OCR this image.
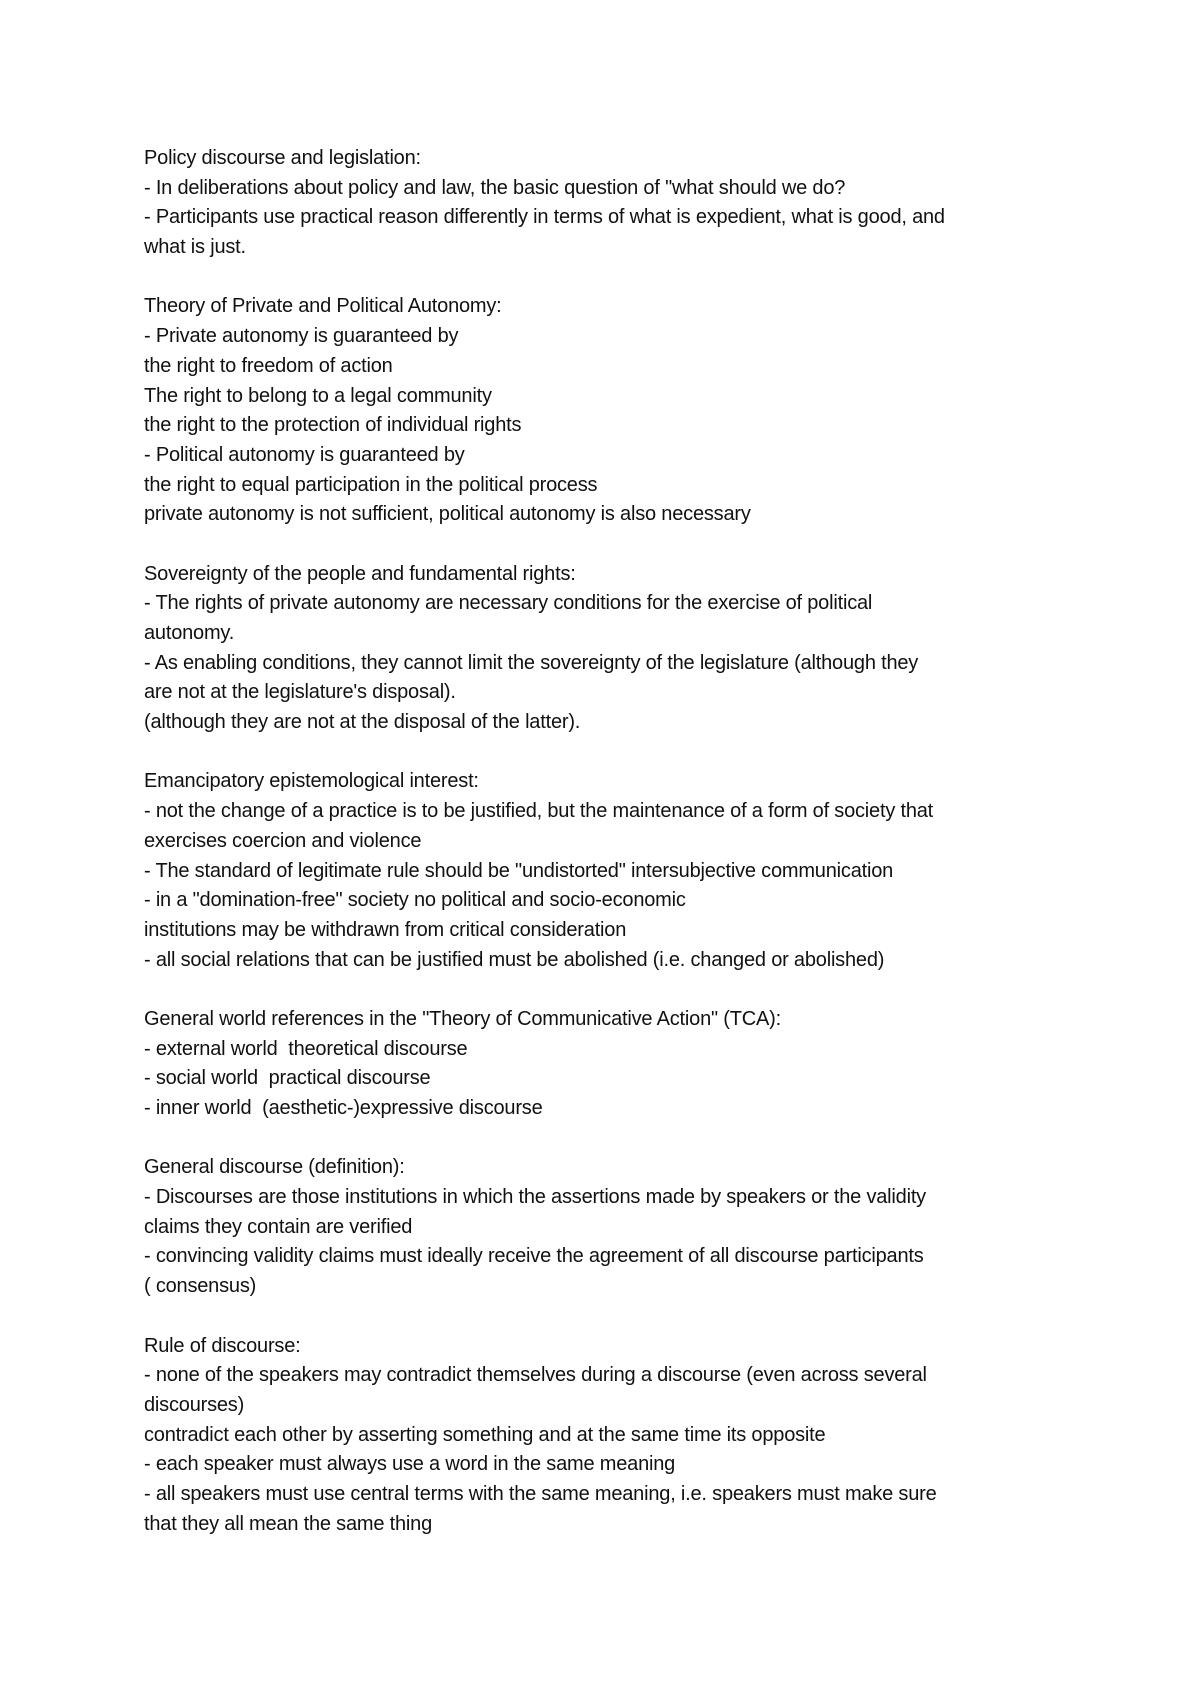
Policy discourse and legislation:
- In deliberations about policy and law, the basic question of "what should we do?
- Participants use practical reason differently in terms of what is expedient, what is good, and
what is just.
Theory of Private and Political Autonomy:
- Private autonomy is guaranteed by
the right to freedom of action
The right to belong to a legal community
the right to the protection of individual rights
- Political autonomy is guaranteed by
the right to equal participation in the political process
private autonomy is not sufficient, political autonomy is also necessary
Sovereignty of the people and fundamental rights:
- The rights of private autonomy are necessary conditions for the exercise of political
autonomy.
- As enabling conditions, they cannot limit the sovereignty of the legislature (although they
are not at the legislature's disposal).
(although they are not at the disposal of the latter).
Emancipatory epistemological interest:
- not the change of a practice is to be justified, but the maintenance of a form of society that
exercises coercion and violence
- The standard of legitimate rule should be "undistorted" intersubjective communication
- in a "domination-free" society no political and socio-economic
institutions may be withdrawn from critical consideration
- all social relations that can be justified must be abolished (i.e. changed or abolished)
General world references in the "Theory of Communicative Action" (TCA):
- external world  theoretical discourse
- social world  practical discourse
- inner world  (aesthetic-)expressive discourse
General discourse (definition):
- Discourses are those institutions in which the assertions made by speakers or the validity
claims they contain are verified
- convincing validity claims must ideally receive the agreement of all discourse participants
( consensus)
Rule of discourse:
- none of the speakers may contradict themselves during a discourse (even across several
discourses)
contradict each other by asserting something and at the same time its opposite
- each speaker must always use a word in the same meaning
- all speakers must use central terms with the same meaning, i.e. speakers must make sure
that they all mean the same thing
